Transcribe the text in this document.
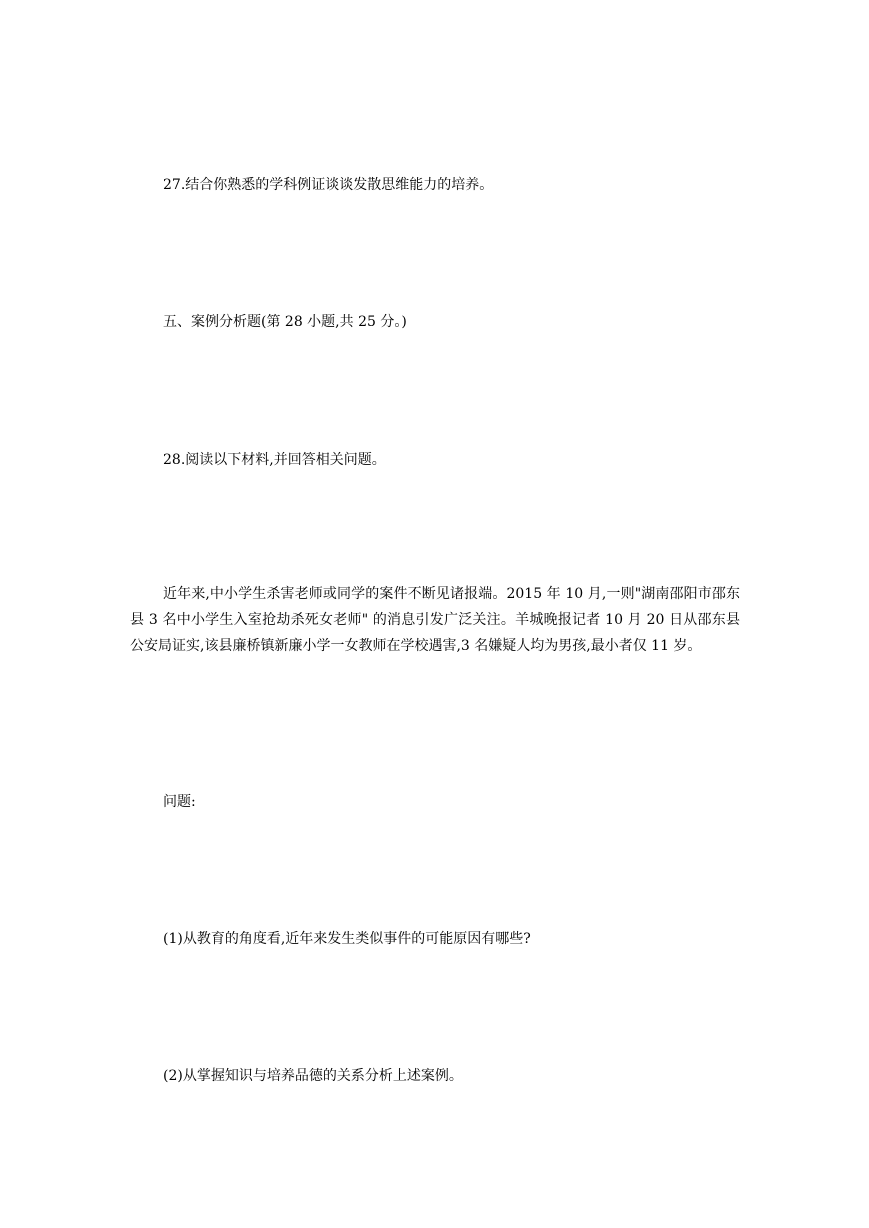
27.结合你熟悉的学科例证谈谈发散思维能力的培养。
五、案例分析题(第 28 小题,共 25 分。)
28.阅读以下材料,并回答相关问题。
近年来,中小学生杀害老师或同学的案件不断见诸报端。2015 年 10 月,一则"湖南邵阳市邵东县 3 名中小学生入室抢劫杀死女老师" 的消息引发广泛关注。羊城晚报记者 10 月 20 日从邵东县公安局证实,该县廉桥镇新廉小学一女教师在学校遇害,3 名嫌疑人均为男孩,最小者仅 11 岁。
问题:
(1)从教育的角度看,近年来发生类似事件的可能原因有哪些?
(2)从掌握知识与培养品德的关系分析上述案例。
